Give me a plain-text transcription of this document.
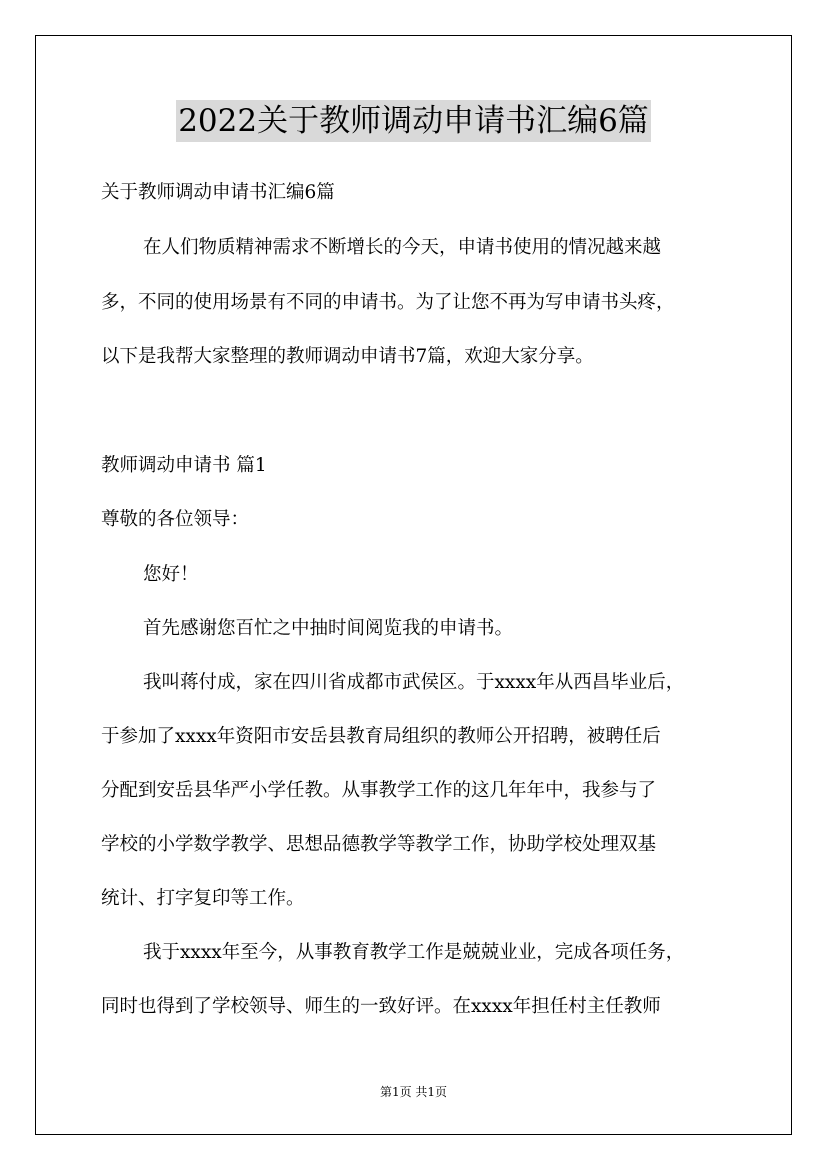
2022关于教师调动申请书汇编6篇
关于教师调动申请书汇编6篇
在人们物质精神需求不断增长的今天，申请书使用的情况越来越
多，不同的使用场景有不同的申请书。为了让您不再为写申请书头疼，
以下是我帮大家整理的教师调动申请书7篇，欢迎大家分享。
教师调动申请书 篇1
尊敬的各位领导：
您好！
首先感谢您百忙之中抽时间阅览我的申请书。
我叫蒋付成，家在四川省成都市武侯区。于xxxx年从西昌毕业后，
于参加了xxxx年资阳市安岳县教育局组织的教师公开招聘，被聘任后
分配到安岳县华严小学任教。从事教学工作的这几年年中，我参与了
学校的小学数学教学、思想品德教学等教学工作，协助学校处理双基
统计、打字复印等工作。
我于xxxx年至今，从事教育教学工作是兢兢业业，完成各项任务，
同时也得到了学校领导、师生的一致好评。在xxxx年担任村主任教师
第1页 共1页
